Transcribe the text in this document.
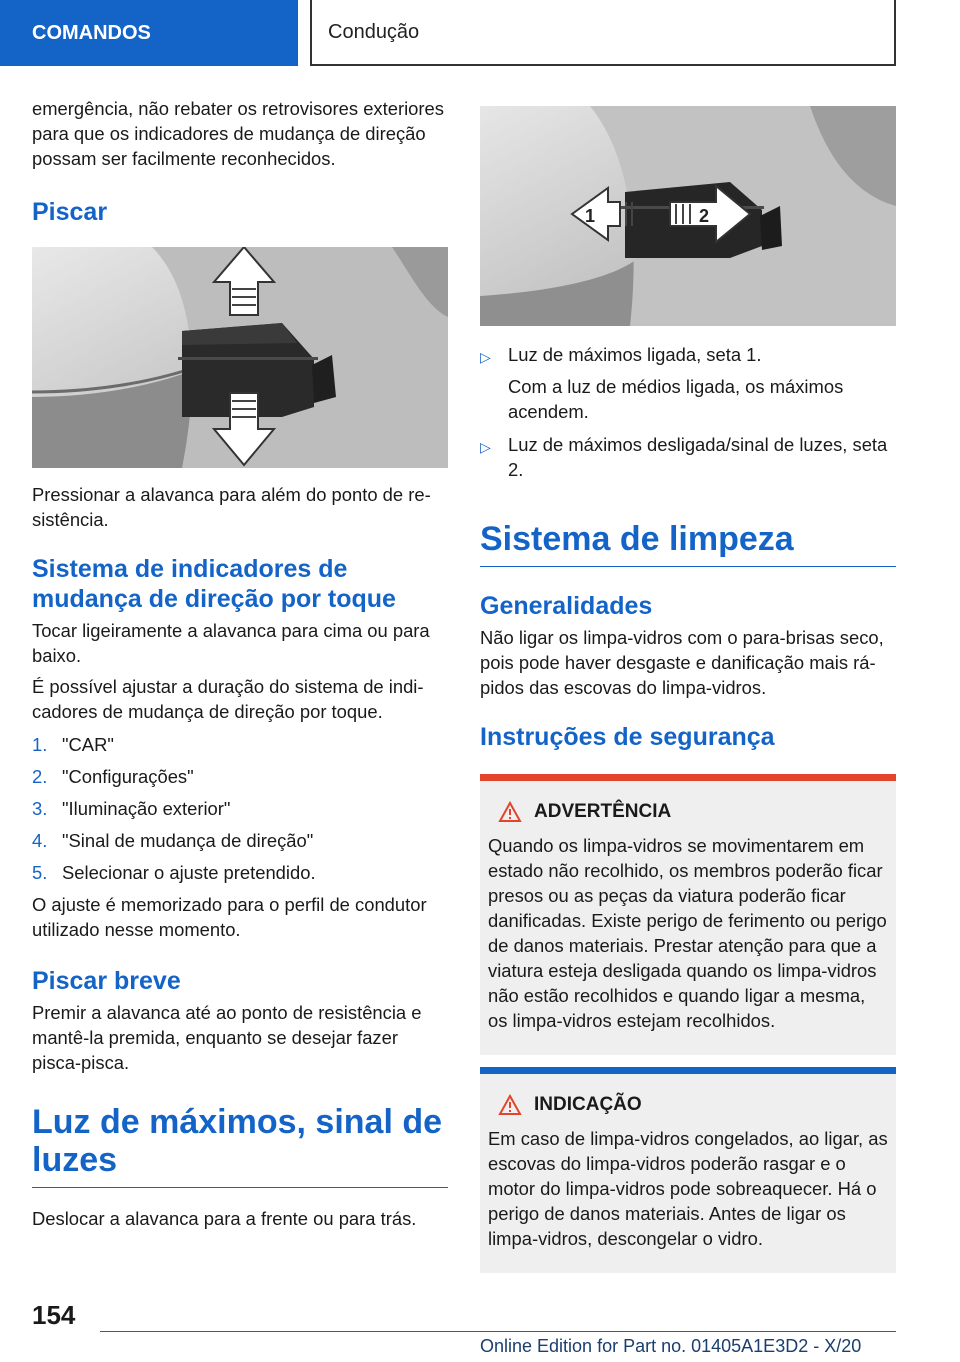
COMANDOS	Condução

emergência, não rebater os retrovisores exteriores para que os indicadores de mudança de direção possam ser facilmente reconhecidos.

Piscar

Pressionar a alavanca para além do ponto de resistência.

Sistema de indicadores de mudança de direção por toque

Tocar ligeiramente a alavanca para cima ou para baixo.

É possível ajustar a duração do sistema de indicadores de mudança de direção por toque.

1. "CAR"
2. "Configurações"
3. "Iluminação exterior"
4. "Sinal de mudança de direção"
5. Selecionar o ajuste pretendido.

O ajuste é memorizado para o perfil de condutor utilizado nesse momento.

Piscar breve

Premir a alavanca até ao ponto de resistência e mantê-la premida, enquanto se desejar fazer pisca-pisca.

Luz de máximos, sinal de luzes

Deslocar a alavanca para a frente ou para trás.

1	2
▷ Luz de máximos ligada, seta 1.
Com a luz de médios ligada, os máximos acendem.
▷ Luz de máximos desligada/sinal de luzes, seta 2.
Sistema de limpeza
Generalidades

Não ligar os limpa-vidros com o para-brisas seco, pois pode haver desgaste e danificação mais rápidos das escovas do limpa-vidros.

Instruções de segurança
ADVERTÊNCIA

Quando os limpa-vidros se movimentarem em estado não recolhido, os membros poderão ficar presos ou as peças da viatura poderão ficar danificadas. Existe perigo de ferimento ou perigo de danos materiais. Prestar atenção para que a viatura esteja desligada quando os limpa-vidros não estão recolhidos e quando ligar a mesma, os limpa-vidros estejam recolhidos.

INDICAÇÃO

Em caso de limpa-vidros congelados, ao ligar, as escovas do limpa-vidros poderão rasgar e o motor do limpa-vidros pode sobreaquecer. Há o perigo de danos materiais. Antes de ligar os limpa-vidros, descongelar o vidro.

154
Online Edition for Part no. 01405A1E3D2 - X/20
